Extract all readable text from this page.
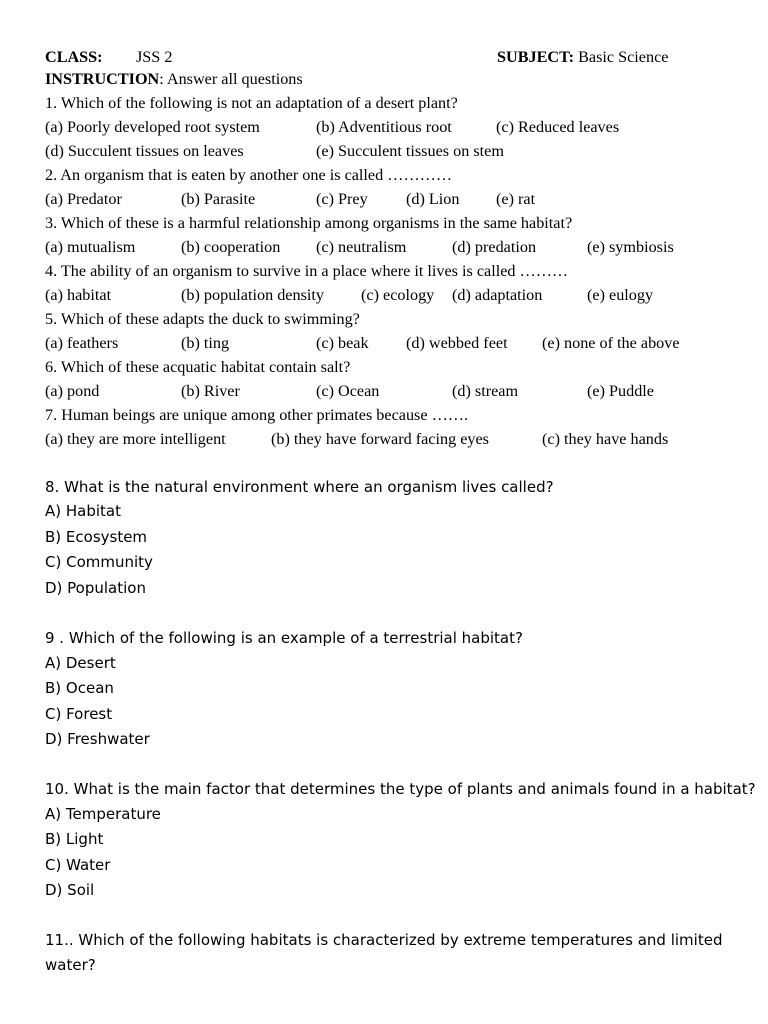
CLASS: JSS 2	SUBJECT: Basic Science
INSTRUCTION: Answer all questions
1. Which of the following is not an adaptation of a desert plant?
(a) Poorly developed root system	(b) Adventitious root	(c) Reduced leaves
(d) Succulent tissues on leaves	(e) Succulent tissues on stem
2. An organism that is eaten by another one is called …………
(a) Predator	(b) Parasite	(c) Prey (d) Lion (e) rat
3. Which of these is a harmful relationship among organisms in the same habitat?
(a) mutualism	(b) cooperation (c) neutralism	(d) predation	(e) symbiosis
4. The ability of an organism to survive in a place where it lives is called ………
(a) habitat	(b) population density (c) ecology (d) adaptation	(e) eulogy
5. Which of these adapts the duck to swimming?
(a) feathers	(b) ting	(c) beak (d) webbed feet (e) none of the above
6. Which of these acquatic habitat contain salt?
(a) pond	(b) River	(c) Ocean	(d) stream	(e) Puddle
7. Human beings are unique among other primates because …….
(a) they are more intelligent	(b) they have forward facing eyes	(c) they have hands
8. What is the natural environment where an organism lives called?
A) Habitat
B) Ecosystem
C) Community
D) Population
9 . Which of the following is an example of a terrestrial habitat?
A) Desert
B) Ocean
C) Forest
D) Freshwater
10. What is the main factor that determines the type of plants and animals found in a habitat?
A) Temperature
B) Light
C) Water
D) Soil
11.. Which of the following habitats is characterized by extreme temperatures and limited
water?
